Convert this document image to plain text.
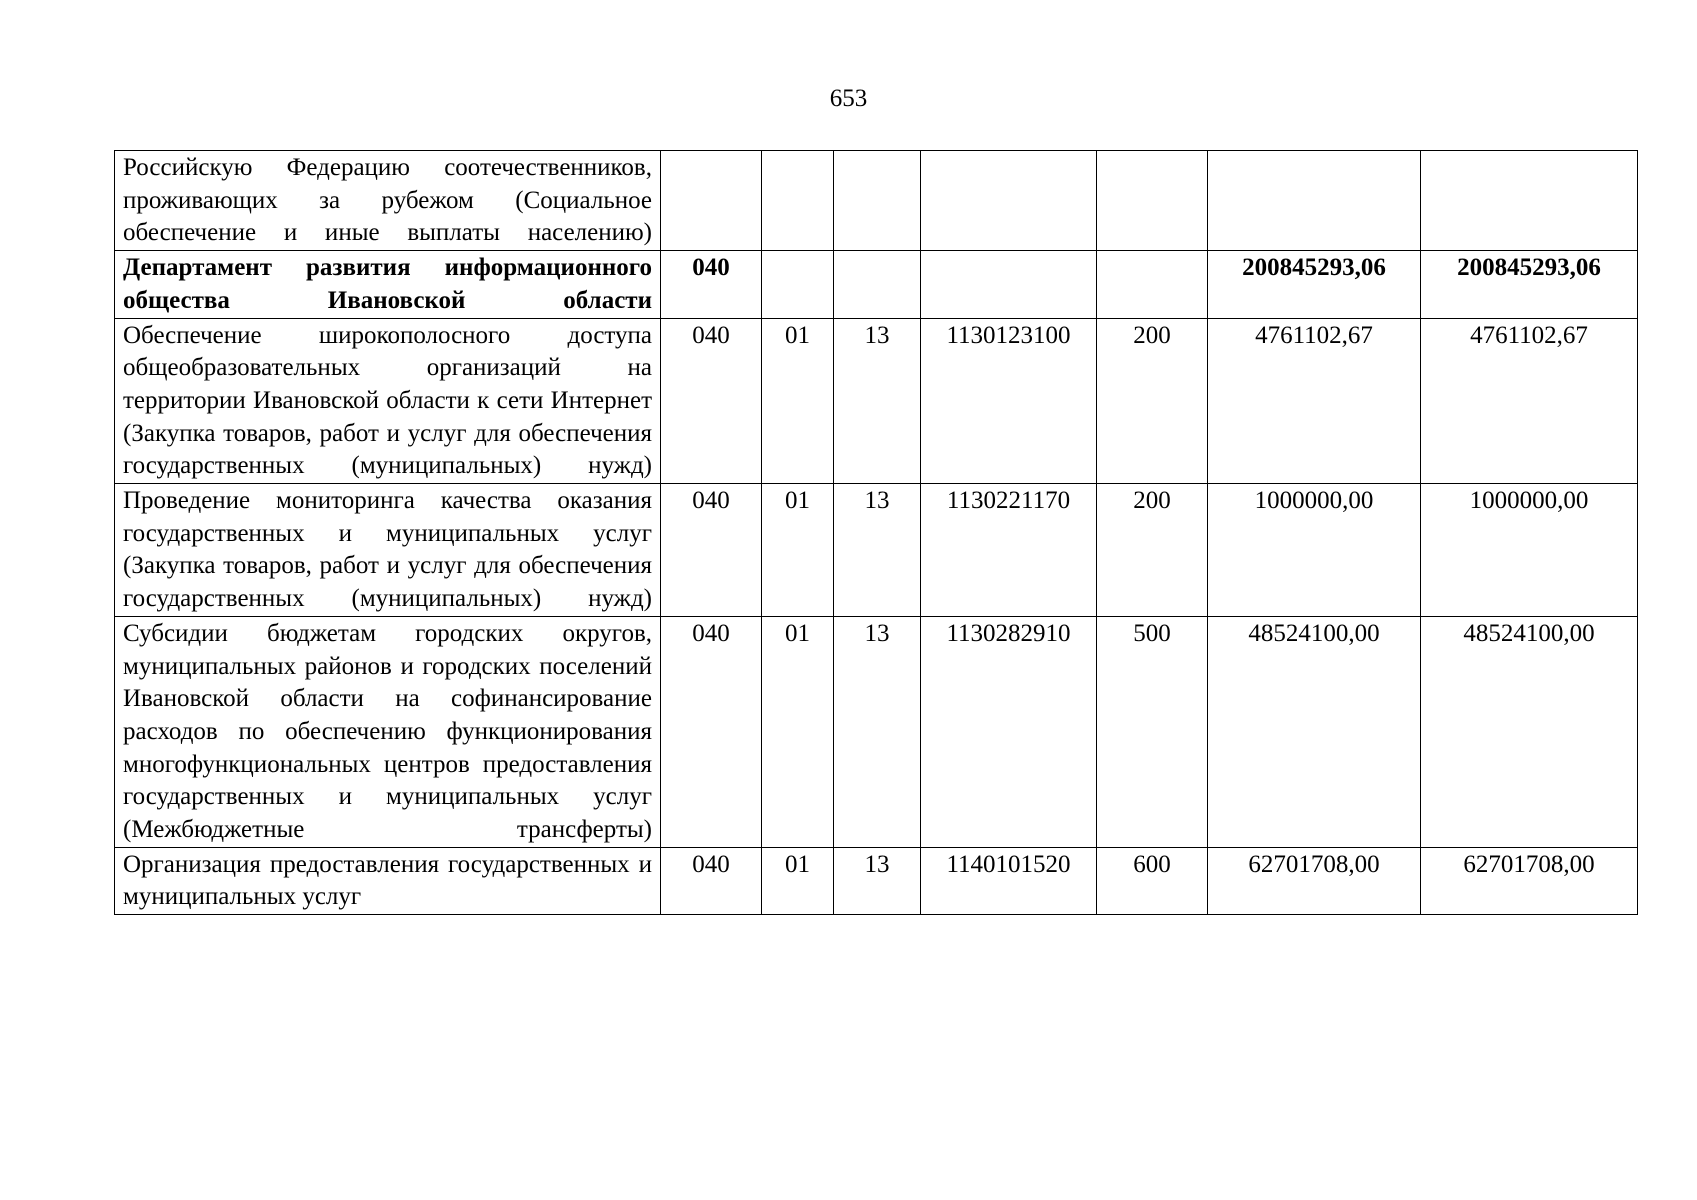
653
Российскую Федерацию соотечественников, проживающих за рубежом (Социальное обеспечение и иные выплаты населению)							
Департамент развития информационного общества Ивановской области	040					200845293,06	200845293,06
Обеспечение широкополосного доступа общеобразовательных организаций на территории Ивановской области к сети Интернет (Закупка товаров, работ и услуг для обеспечения государственных (муниципальных) нужд)	040	01	13	1130123100	200	4761102,67	4761102,67
Проведение мониторинга качества оказания государственных и муниципальных услуг (Закупка товаров, работ и услуг для обеспечения государственных (муниципальных) нужд)	040	01	13	1130221170	200	1000000,00	1000000,00
Субсидии бюджетам городских округов, муниципальных районов и городских поселений Ивановской области на софинансирование расходов по обеспечению функционирования многофункциональных центров предоставления государственных и муниципальных услуг (Межбюджетные трансферты)	040	01	13	1130282910	500	48524100,00	48524100,00
Организация предоставления государственных и муниципальных услуг	040	01	13	1140101520	600	62701708,00	62701708,00
